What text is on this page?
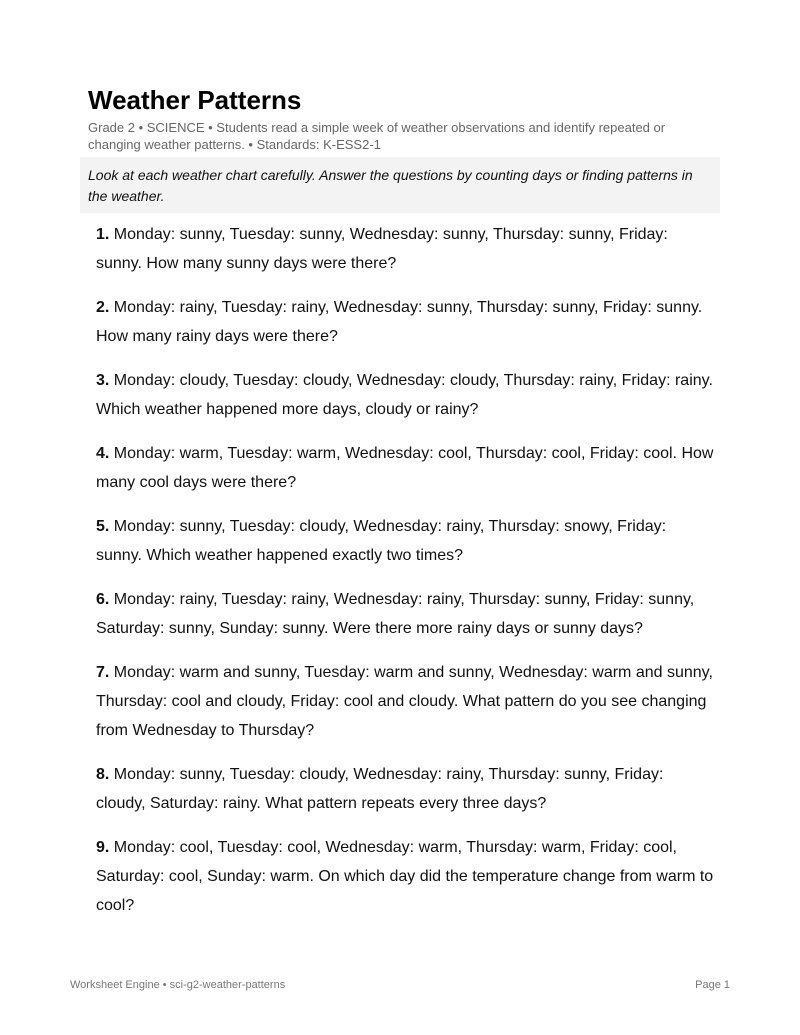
Weather Patterns
Grade 2 • SCIENCE • Students read a simple week of weather observations and identify repeated or changing weather patterns. • Standards: K-ESS2-1
Look at each weather chart carefully. Answer the questions by counting days or finding patterns in the weather.

1. Monday: sunny, Tuesday: sunny, Wednesday: sunny, Thursday: sunny, Friday: sunny. How many sunny days were there?

2. Monday: rainy, Tuesday: rainy, Wednesday: sunny, Thursday: sunny, Friday: sunny. How many rainy days were there?

3. Monday: cloudy, Tuesday: cloudy, Wednesday: cloudy, Thursday: rainy, Friday: rainy. Which weather happened more days, cloudy or rainy?

4. Monday: warm, Tuesday: warm, Wednesday: cool, Thursday: cool, Friday: cool. How many cool days were there?

5. Monday: sunny, Tuesday: cloudy, Wednesday: rainy, Thursday: snowy, Friday: sunny. Which weather happened exactly two times?

6. Monday: rainy, Tuesday: rainy, Wednesday: rainy, Thursday: sunny, Friday: sunny, Saturday: sunny, Sunday: sunny. Were there more rainy days or sunny days?

7. Monday: warm and sunny, Tuesday: warm and sunny, Wednesday: warm and sunny, Thursday: cool and cloudy, Friday: cool and cloudy. What pattern do you see changing from Wednesday to Thursday?

8. Monday: sunny, Tuesday: cloudy, Wednesday: rainy, Thursday: sunny, Friday: cloudy, Saturday: rainy. What pattern repeats every three days?

9. Monday: cool, Tuesday: cool, Wednesday: warm, Thursday: warm, Friday: cool, Saturday: cool, Sunday: warm. On which day did the temperature change from warm to cool?

Worksheet Engine • sci-g2-weather-patterns	Page 1
